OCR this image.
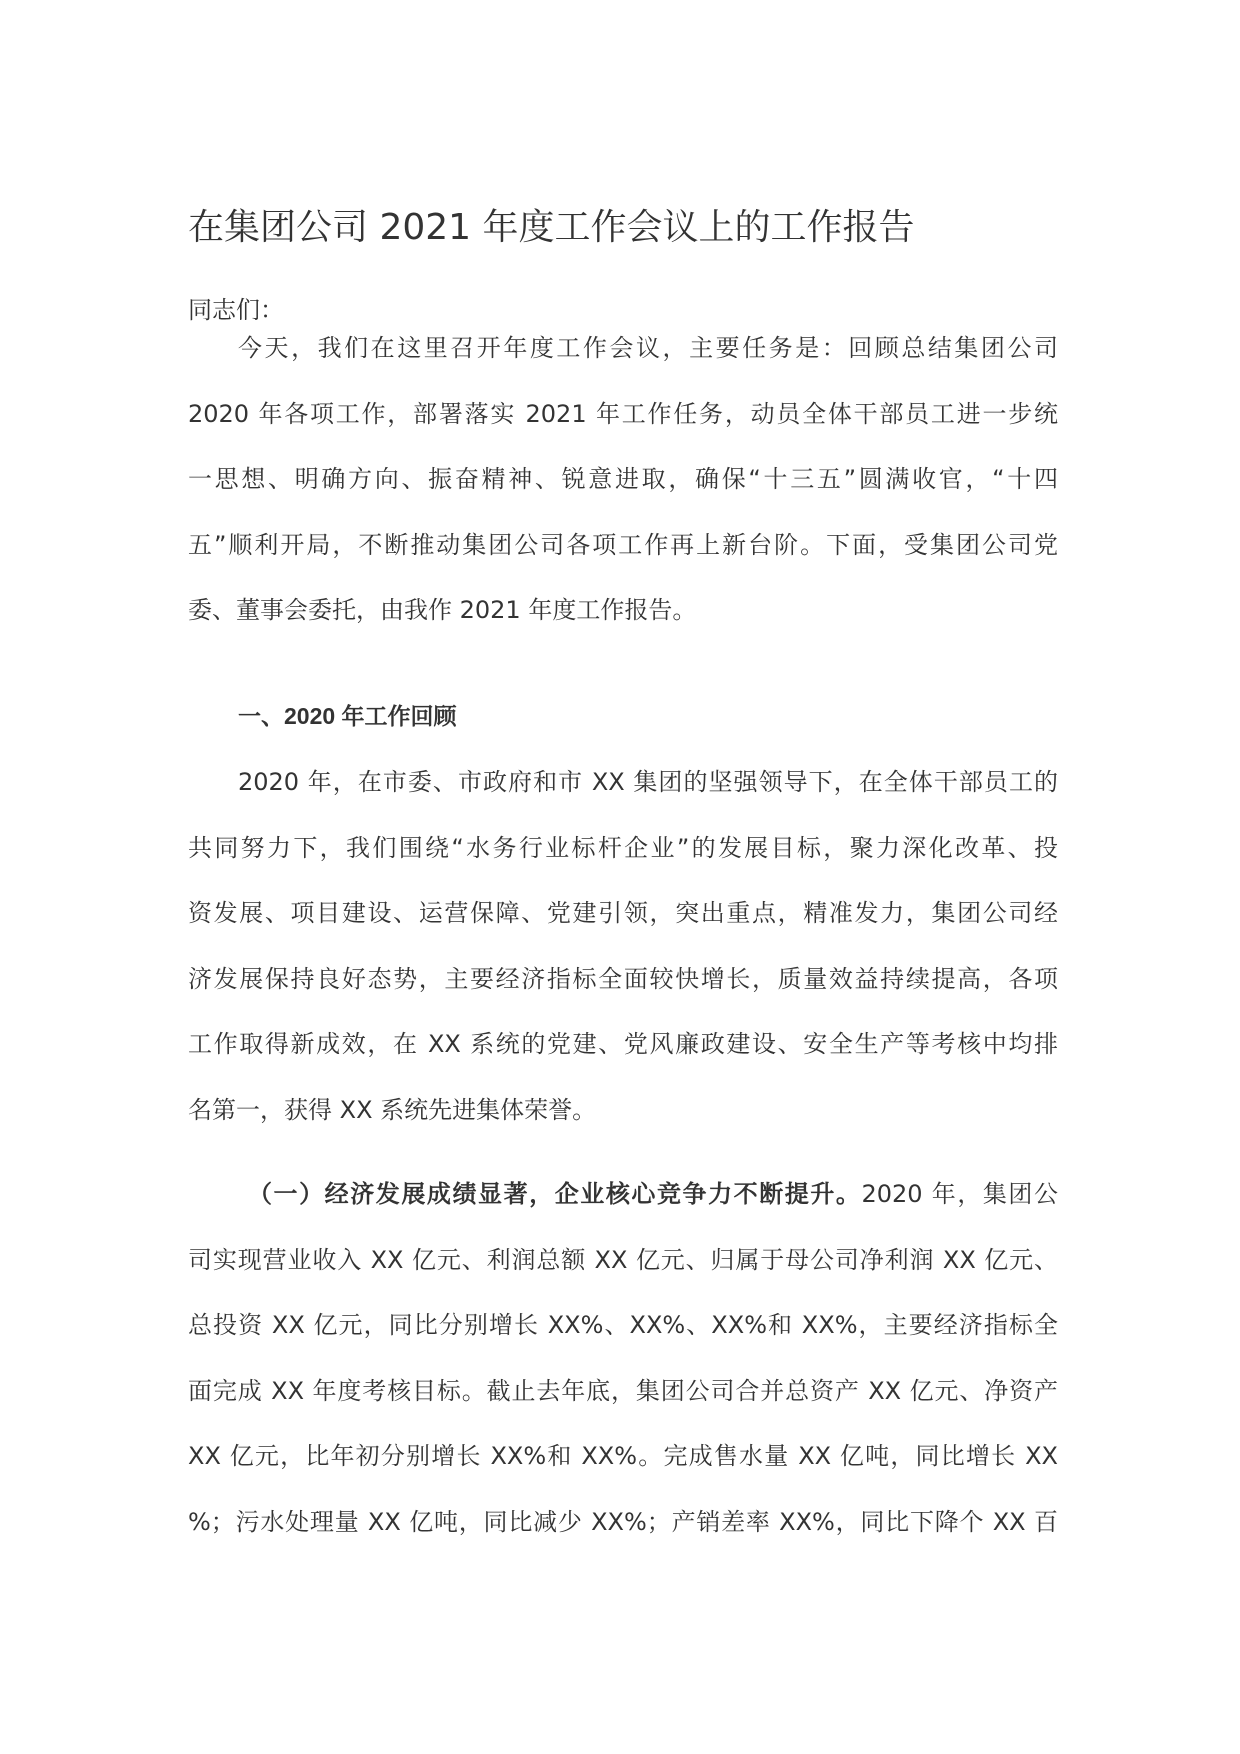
在集团公司 2021 年度工作会议上的工作报告
同志们：
今天，我们在这里召开年度工作会议，主要任务是：回顾总结集团公司
2020 年各项工作，部署落实 2021 年工作任务，动员全体干部员工进一步统
一思想、明确方向、振奋精神、锐意进取，确保“十三五”圆满收官，“十四
五”顺利开局，不断推动集团公司各项工作再上新台阶。下面，受集团公司党
委、董事会委托，由我作 2021 年度工作报告。
一、2020 年工作回顾
2020 年，在市委、市政府和市 XX 集团的坚强领导下，在全体干部员工的
共同努力下，我们围绕“水务行业标杆企业”的发展目标，聚力深化改革、投
资发展、项目建设、运营保障、党建引领，突出重点，精准发力，集团公司经
济发展保持良好态势，主要经济指标全面较快增长，质量效益持续提高，各项
工作取得新成效，在 XX 系统的党建、党风廉政建设、安全生产等考核中均排
名第一，获得 XX 系统先进集体荣誉。
（一）经济发展成绩显著，企业核心竞争力不断提升。2020 年，集团公
司实现营业收入 XX 亿元、利润总额 XX 亿元、归属于母公司净利润 XX 亿元、
总投资 XX 亿元，同比分别增长 XX%、XX%、XX%和 XX%，主要经济指标全
面完成 XX 年度考核目标。截止去年底，集团公司合并总资产 XX 亿元、净资产
XX 亿元，比年初分别增长 XX%和 XX%。完成售水量 XX 亿吨，同比增长 XX
%；污水处理量 XX 亿吨，同比减少 XX%；产销差率 XX%，同比下降个 XX 百
